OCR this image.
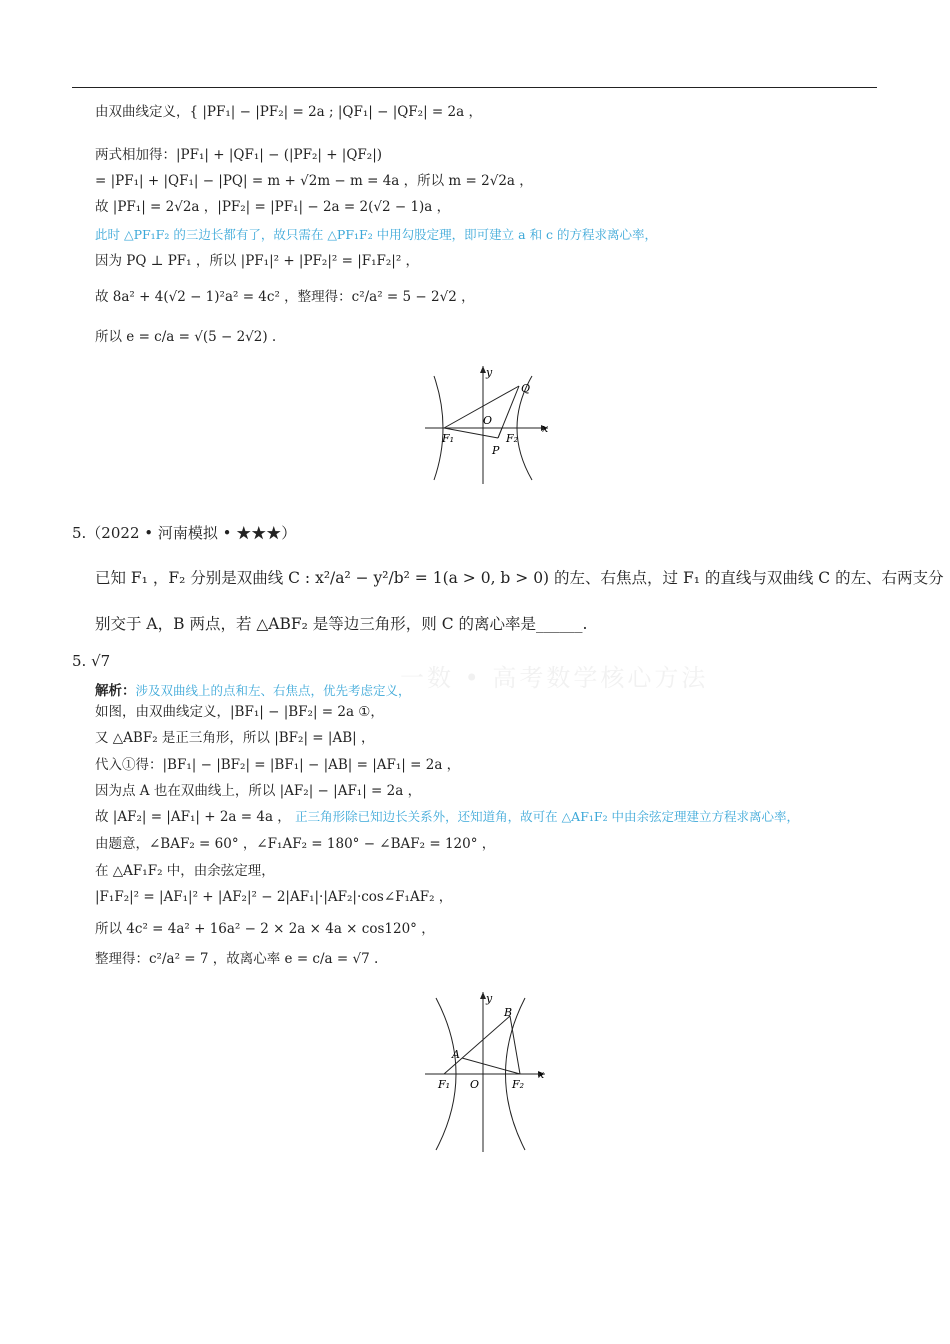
由双曲线定义，{ |PF₁| − |PF₂| = 2a ; |QF₁| − |QF₂| = 2a ，
两式相加得：|PF₁| + |QF₁| − (|PF₂| + |QF₂|)
= |PF₁| + |QF₁| − |PQ| = m + √2m − m = 4a ，所以 m = 2√2a ，
故 |PF₁| = 2√2a ，|PF₂| = |PF₁| − 2a = 2(√2 − 1)a ，
此时 △PF₁F₂ 的三边长都有了，故只需在 △PF₁F₂ 中用勾股定理，即可建立 a 和 c 的方程求离心率，
因为 PQ ⊥ PF₁ ，所以 |PF₁|² + |PF₂|² = |F₁F₂|² ，
故 8a² + 4(√2 − 1)²a² = 4c² ，整理得：c²/a² = 5 − 2√2 ，
所以 e = c/a = √(5 − 2√2) .
y
x
O
Q
F₁	F₂
P
5.（2022 • 河南模拟 • ★★★）
已知 F₁ ，F₂ 分别是双曲线 C : x²/a² − y²/b² = 1(a > 0, b > 0) 的左、右焦点，过 F₁ 的直线与双曲线 C 的左、右两支分
别交于 A，B 两点，若 △ABF₂ 是等边三角形，则 C 的离心率是______.
5. √7
一数 • 高考数学核心方法
解析：涉及双曲线上的点和左、右焦点，优先考虑定义，
如图，由双曲线定义，|BF₁| − |BF₂| = 2a ①，
又 △ABF₂ 是正三角形，所以 |BF₂| = |AB| ，
代入①得：|BF₁| − |BF₂| = |BF₁| − |AB| = |AF₁| = 2a ，
因为点 A 也在双曲线上，所以 |AF₂| − |AF₁| = 2a ，
故 |AF₂| = |AF₁| + 2a = 4a ， 正三角形除已知边长关系外，还知道角，故可在 △AF₁F₂ 中由余弦定理建立方程求离心率，
由题意，∠BAF₂ = 60° ，∠F₁AF₂ = 180° − ∠BAF₂ = 120° ，
在 △AF₁F₂ 中，由余弦定理，
|F₁F₂|² = |AF₁|² + |AF₂|² − 2|AF₁|·|AF₂|·cos∠F₁AF₂ ，
所以 4c² = 4a² + 16a² − 2 × 2a × 4a × cos120° ，
整理得：c²/a² = 7 ，故离心率 e = c/a = √7 .
y
x
B
A
F₁ O	F₂
